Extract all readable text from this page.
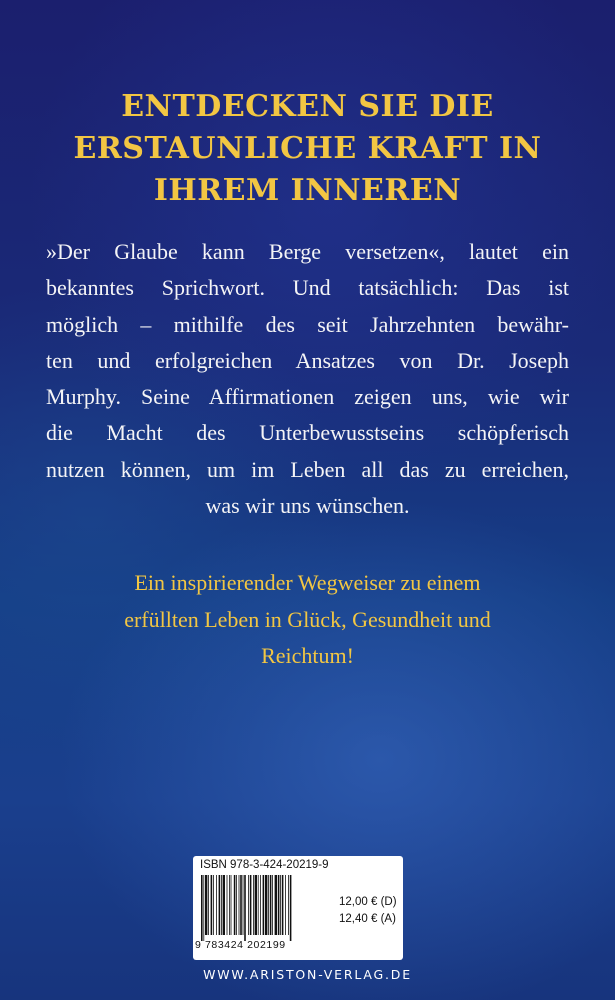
ENTDECKEN SIE DIE
ERSTAUNLICHE KRAFT IN
IHREM INNEREN
»Der Glaube kann Berge versetzen«, lautet ein
bekanntes Sprichwort. Und tatsächlich: Das ist
möglich – mithilfe des seit Jahrzehnten bewähr-
ten und erfolgreichen Ansatzes von Dr. Joseph
Murphy. Seine Affirmationen zeigen uns, wie wir
die Macht des Unterbewusstseins schöpferisch
nutzen können, um im Leben all das zu erreichen,
was wir uns wünschen.
Ein inspirierender Wegweiser zu einem
erfüllten Leben in Glück, Gesundheit und
Reichtum!
ISBN 978-3-424-20219-9
9 783424 202199
12,00 € (D)
12,40 € (A)
WWW.ARISTON-VERLAG.DE
